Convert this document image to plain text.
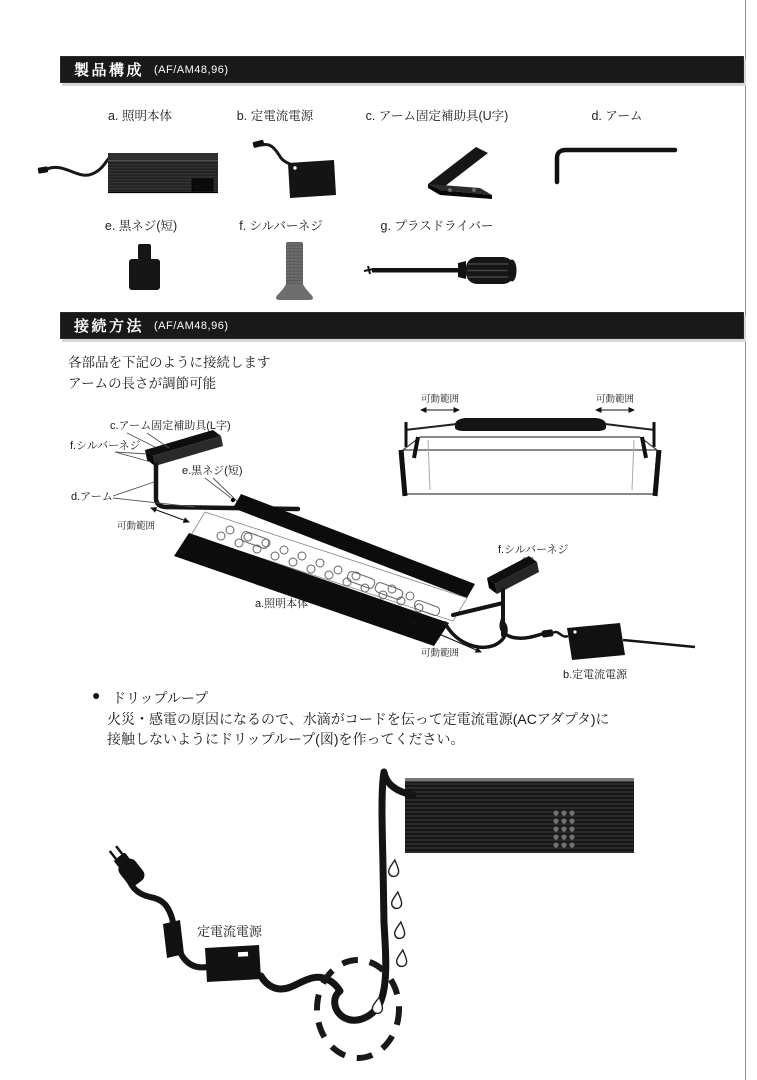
製品構成 (AF/AM48,96)
a. 照明本体	b. 定電流電源	c. アーム固定補助具(U字)	d. アーム
e. 黒ネジ(短)	f. シルバーネジ	g. プラスドライバー
接続方法 (AF/AM48,96)
各部品を下記のように接続します
アームの長さが調節可能
可動範囲	可動範囲
c.アーム固定補助具(L字)
f.シルバーネジ
e.黒ネジ(短)
d.アーム
可動範囲
a.照明本体
f.シルバーネジ
b.定電流電源
可動範囲
● ドリップループ
火災・感電の原因になるので、水滴がコードを伝って定電流電源(ACアダプタ)に
接触しないようにドリップループ(図)を作ってください。
定電流電源
